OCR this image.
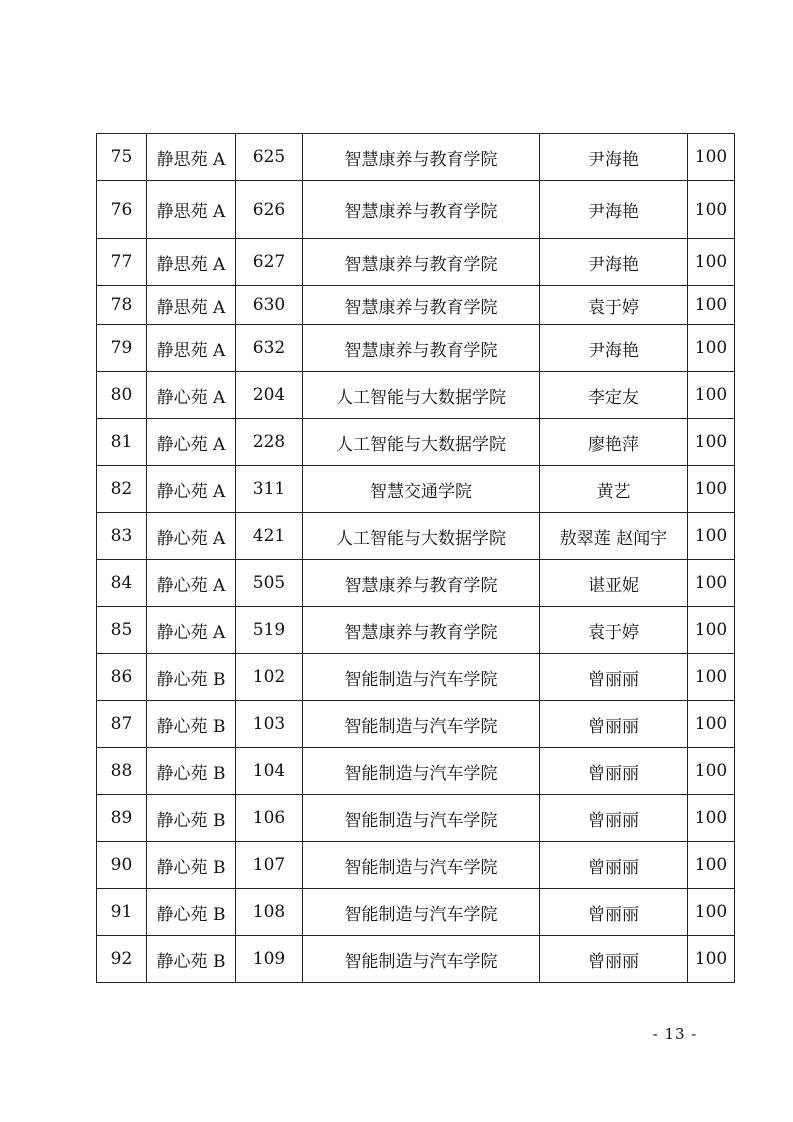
75	静思苑 A	625	智慧康养与教育学院	尹海艳	100
76	静思苑 A	626	智慧康养与教育学院	尹海艳	100
77	静思苑 A	627	智慧康养与教育学院	尹海艳	100
78	静思苑 A	630	智慧康养与教育学院	袁于婷	100
79	静思苑 A	632	智慧康养与教育学院	尹海艳	100
80	静心苑 A	204	人工智能与大数据学院	李定友	100
81	静心苑 A	228	人工智能与大数据学院	廖艳萍	100
82	静心苑 A	311	智慧交通学院	黄艺	100
83	静心苑 A	421	人工智能与大数据学院	敖翠莲 赵闻宇	100
84	静心苑 A	505	智慧康养与教育学院	谌亚妮	100
85	静心苑 A	519	智慧康养与教育学院	袁于婷	100
86	静心苑 B	102	智能制造与汽车学院	曾丽丽	100
87	静心苑 B	103	智能制造与汽车学院	曾丽丽	100
88	静心苑 B	104	智能制造与汽车学院	曾丽丽	100
89	静心苑 B	106	智能制造与汽车学院	曾丽丽	100
90	静心苑 B	107	智能制造与汽车学院	曾丽丽	100
91	静心苑 B	108	智能制造与汽车学院	曾丽丽	100
92	静心苑 B	109	智能制造与汽车学院	曾丽丽	100
- 13 -
